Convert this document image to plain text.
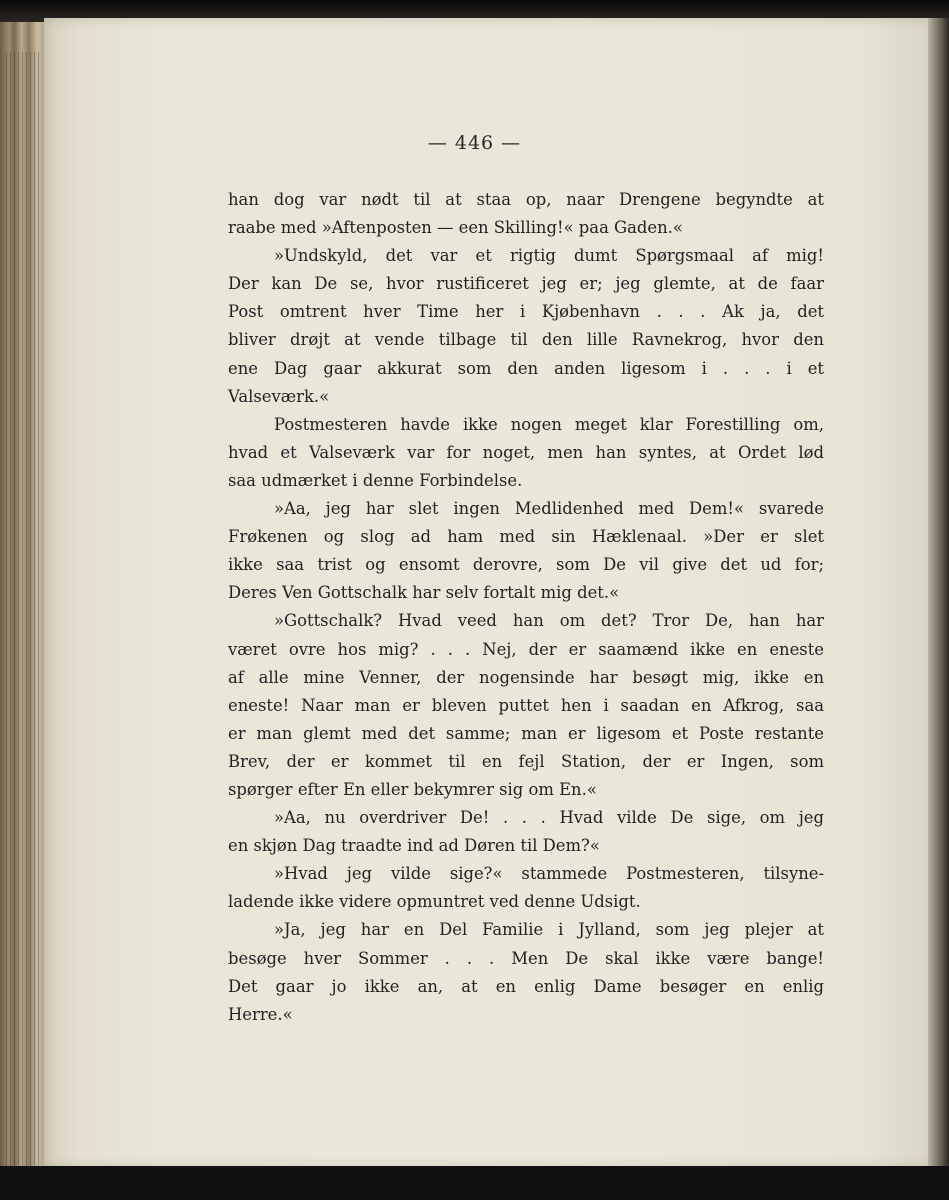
— 446 —
han dog var nødt til at staa op, naar Drengene begyndte at
raabe med »Aftenposten — een Skilling!« paa Gaden.«
»Undskyld, det var et rigtig dumt Spørgsmaal af mig!
Der kan De se, hvor rustificeret jeg er; jeg glemte, at de faar
Post omtrent hver Time her i Kjøbenhavn . . . Ak ja, det
bliver drøjt at vende tilbage til den lille Ravnekrog, hvor den
ene Dag gaar akkurat som den anden ligesom i . . . i et
Valseværk.«
Postmesteren havde ikke nogen meget klar Forestilling om,
hvad et Valseværk var for noget, men han syntes, at Ordet lød
saa udmærket i denne Forbindelse.
»Aa, jeg har slet ingen Medlidenhed med Dem!« svarede
Frøkenen og slog ad ham med sin Hæklenaal. »Der er slet
ikke saa trist og ensomt derovre, som De vil give det ud for;
Deres Ven Gottschalk har selv fortalt mig det.«
»Gottschalk? Hvad veed han om det? Tror De, han har
været ovre hos mig? . . . Nej, der er saamænd ikke en eneste
af alle mine Venner, der nogensinde har besøgt mig, ikke en
eneste! Naar man er bleven puttet hen i saadan en Afkrog, saa
er man glemt med det samme; man er ligesom et Poste restante
Brev, der er kommet til en fejl Station, der er Ingen, som
spørger efter En eller bekymrer sig om En.«
»Aa, nu overdriver De! . . . Hvad vilde De sige, om jeg
en skjøn Dag traadte ind ad Døren til Dem?«
»Hvad jeg vilde sige?« stammede Postmesteren, tilsyne-
ladende ikke videre opmuntret ved denne Udsigt.
»Ja, jeg har en Del Familie i Jylland, som jeg plejer at
besøge hver Sommer . . . Men De skal ikke være bange!
Det gaar jo ikke an, at en enlig Dame besøger en enlig
Herre.«
